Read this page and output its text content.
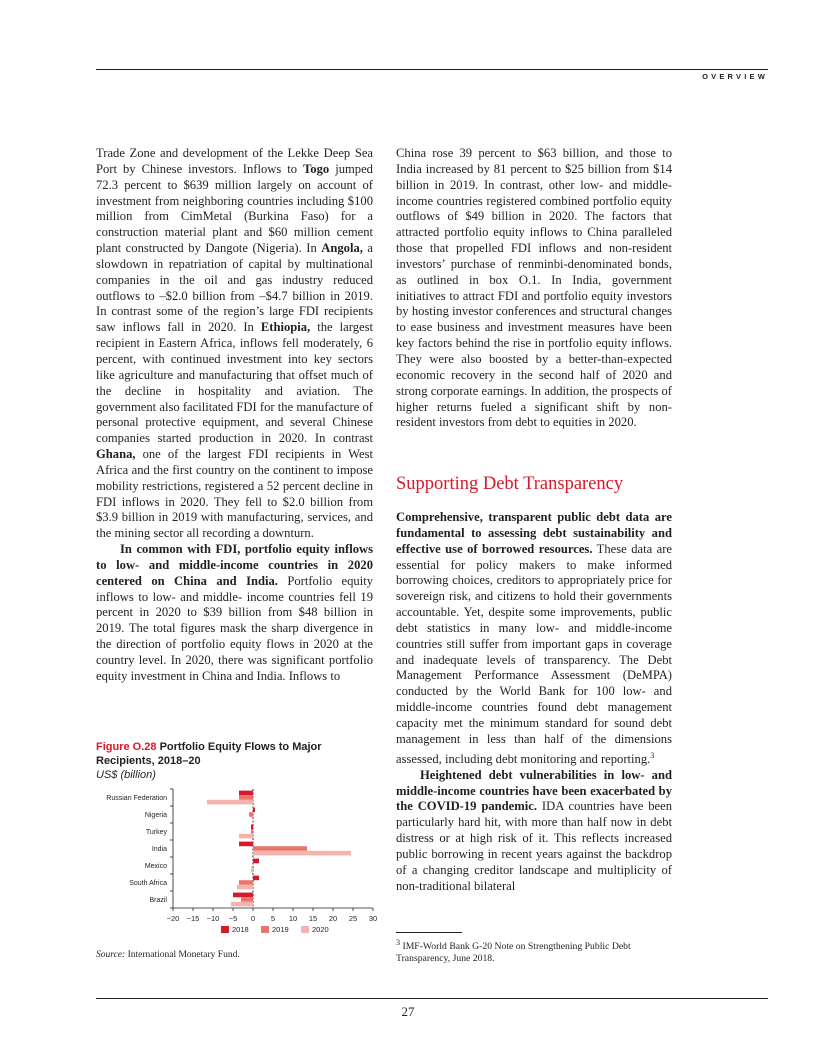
OVERVIEW

Trade Zone and development of the Lekke Deep Sea Port by Chinese investors. Inflows to Togo jumped 72.3 percent to $639 million largely on account of investment from neighboring countries including $100 million from CimMetal (Burkina Faso) for a construction material plant and $60 million cement plant constructed by Dangote (Nigeria). In Angola, a slowdown in repatriation of capital by multinational companies in the oil and gas industry reduced outflows to –$2.0 billion from –$4.7 billion in 2019. In contrast some of the region’s large FDI recipients saw inflows fall in 2020. In Ethiopia, the largest recipient in Eastern Africa, inflows fell moderately, 6 percent, with continued investment into key sectors like agriculture and manufacturing that offset much of the decline in hospitality and aviation. The government also facilitated FDI for the manufacture of personal protective equipment, and several Chinese companies started production in 2020. In contrast Ghana, one of the largest FDI recipients in West Africa and the first country on the continent to impose mobility restrictions, registered a 52 percent decline in FDI inflows in 2020. They fell to $2.0 billion from $3.9 billion in 2019 with manufacturing, services, and the mining sector all recording a downturn.

In common with FDI, portfolio equity inflows to low- and middle-income countries in 2020 centered on China and India. Portfolio equity inflows to low- and middle- income countries fell 19 percent in 2020 to $39 billion from $48 billion in 2019. The total figures mask the sharp divergence in the direction of portfolio equity flows in 2020 at the country level. In 2020, there was significant portfolio equity investment in China and India. Inflows to

Figure O.28 Portfolio Equity Flows to Major Recipients, 2018–20
US$ (billion)
−20 −15 −10 −5 0 5 10 15 20 25 30
Russian Federation
Nigeria
Turkey
India
Mexico
South Africa
Brazil
2018	2019	2020
Source: International Monetary Fund.

China rose 39 percent to $63 billion, and those to India increased by 81 percent to $25 billion from $14 billion in 2019. In contrast, other low- and middle-income countries registered combined portfolio equity outflows of $49 billion in 2020. The factors that attracted portfolio equity inflows to China paralleled those that propelled FDI inflows and non-resident investors’ purchase of renminbi-denominated bonds, as outlined in box O.1. In India, government initiatives to attract FDI and portfolio equity investors by hosting investor conferences and structural changes to ease business and investment measures have been key factors behind the rise in portfolio equity inflows. They were also boosted by a better-than-expected economic recovery in the second half of 2020 and strong corporate earnings. In addition, the prospects of higher returns fueled a significant shift by non-resident investors from debt to equities in 2020.

Supporting Debt Transparency

Comprehensive, transparent public debt data are fundamental to assessing debt sustainability and effective use of borrowed resources. These data are essential for policy makers to make informed borrowing choices, creditors to appropriately price for sovereign risk, and citizens to hold their governments accountable. Yet, despite some improvements, public debt statistics in many low- and middle-income countries still suffer from important gaps in coverage and inadequate levels of transparency. The Debt Management Performance Assessment (DeMPA) conducted by the World Bank for 100 low- and middle-income countries found debt management capacity met the minimum standard for sound debt management in less than half of the dimensions assessed, including debt monitoring and reporting.$^3$

Heightened debt vulnerabilities in low- and middle-income countries have been exacerbated by the COVID-19 pandemic. IDA countries have been particularly hard hit, with more than half now in debt distress or at high risk of it. This reflects increased public borrowing in recent years against the backdrop of a changing creditor landscape and multiplicity of non-traditional bilateral

$^3$ IMF-World Bank G-20 Note on Strengthening Public Debt Transparency, June 2018.
27
